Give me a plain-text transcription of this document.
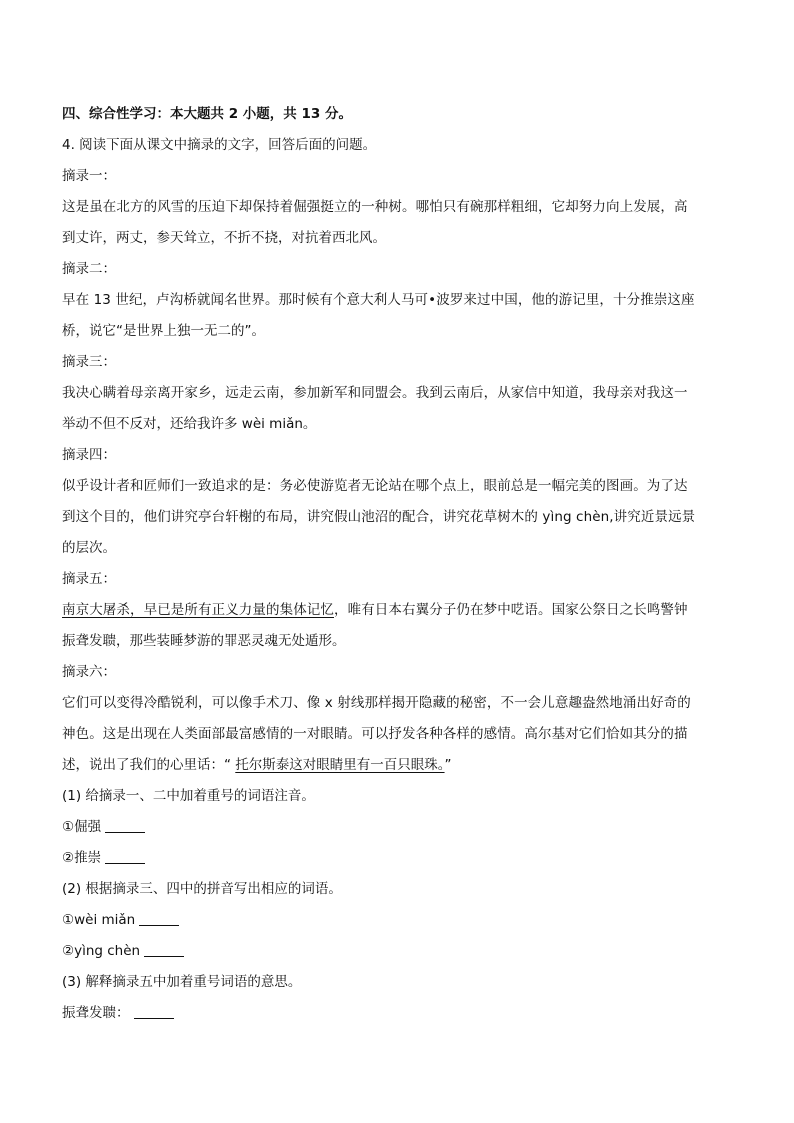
四、综合性学习：本大题共 2 小题，共 13 分。
4. 阅读下面从课文中摘录的文字，回答后面的问题。
摘录一：
这是虽在北方的风雪的压迫下却保持着倔强挺立的一种树。哪怕只有碗那样粗细，它却努力向上发展，高
到丈许，两丈，参天耸立，不折不挠，对抗着西北风。
摘录二：
早在 13 世纪，卢沟桥就闻名世界。那时候有个意大利人马可•波罗来过中国，他的游记里，十分推崇这座
桥，说它“是世界上独一无二的”。
摘录三：
我决心瞒着母亲离开家乡，远走云南，参加新军和同盟会。我到云南后，从家信中知道，我母亲对我这一
举动不但不反对，还给我许多 wèi miǎn。
摘录四：
似乎设计者和匠师们一致追求的是：务必使游览者无论站在哪个点上，眼前总是一幅完美的图画。为了达
到这个目的，他们讲究亭台轩榭的布局，讲究假山池沼的配合，讲究花草树木的 yìng chèn,讲究近景远景
的层次。
摘录五：
南京大屠杀，早已是所有正义力量的集体记忆，唯有日本右翼分子仍在梦中呓语。国家公祭日之长鸣警钟
振聋发聩，那些装睡梦游的罪恶灵魂无处遁形。
摘录六：
它们可以变得冷酷锐利，可以像手术刀、像 x 射线那样揭开隐藏的秘密，不一会儿意趣盎然地涌出好奇的
神色。这是出现在人类面部最富感情的一对眼睛。可以抒发各种各样的感情。高尔基对它们恰如其分的描
述，说出了我们的心里话：“ 托尔斯泰这对眼睛里有一百只眼珠。”
(1) 给摘录一、二中加着重号的词语注音。
①倔强
②推崇
(2) 根据摘录三、四中的拼音写出相应的词语。
①wèi miǎn
②yìng chèn
(3) 解释摘录五中加着重号词语的意思。
振聋发聩：
